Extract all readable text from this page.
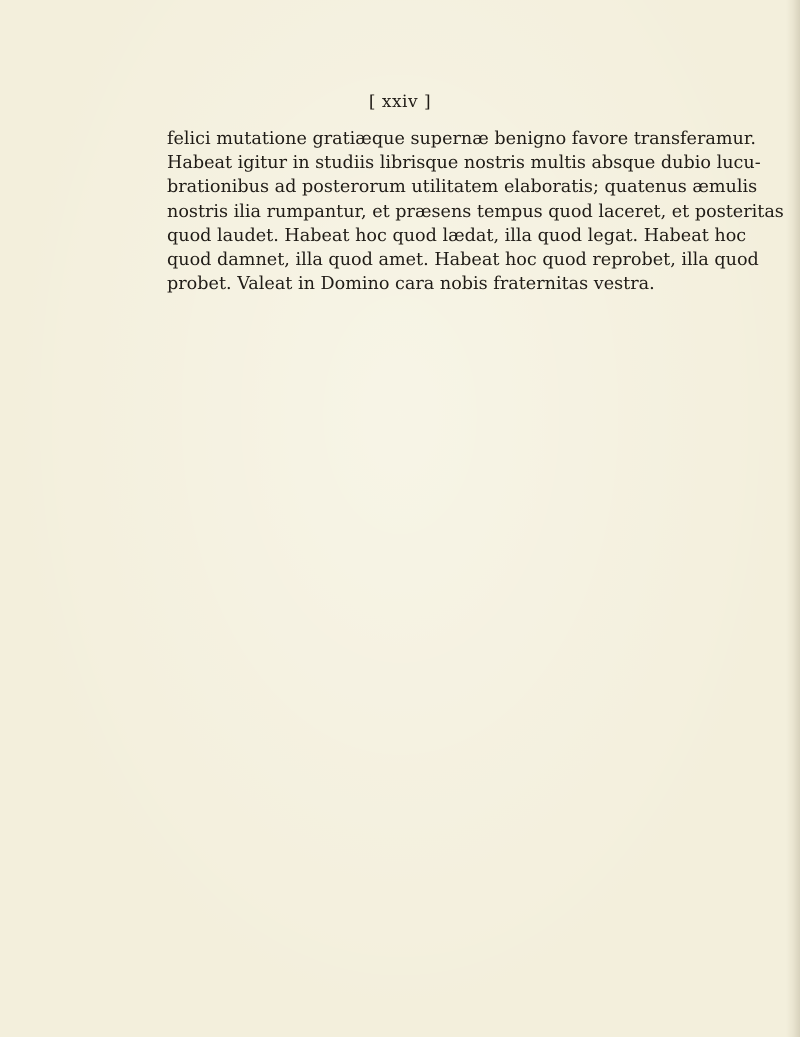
[ xxiv ]
felici mutatione gratiæque supernæ benigno favore transferamur.
Habeat igitur in studiis librisque nostris multis absque dubio lucu-
brationibus ad posterorum utilitatem elaboratis; quatenus æmulis
nostris ilia rumpantur, et præsens tempus quod laceret, et posteritas
quod laudet. Habeat hoc quod lædat, illa quod legat. Habeat hoc
quod damnet, illa quod amet. Habeat hoc quod reprobet, illa quod
probet. Valeat in Domino cara nobis fraternitas vestra.
